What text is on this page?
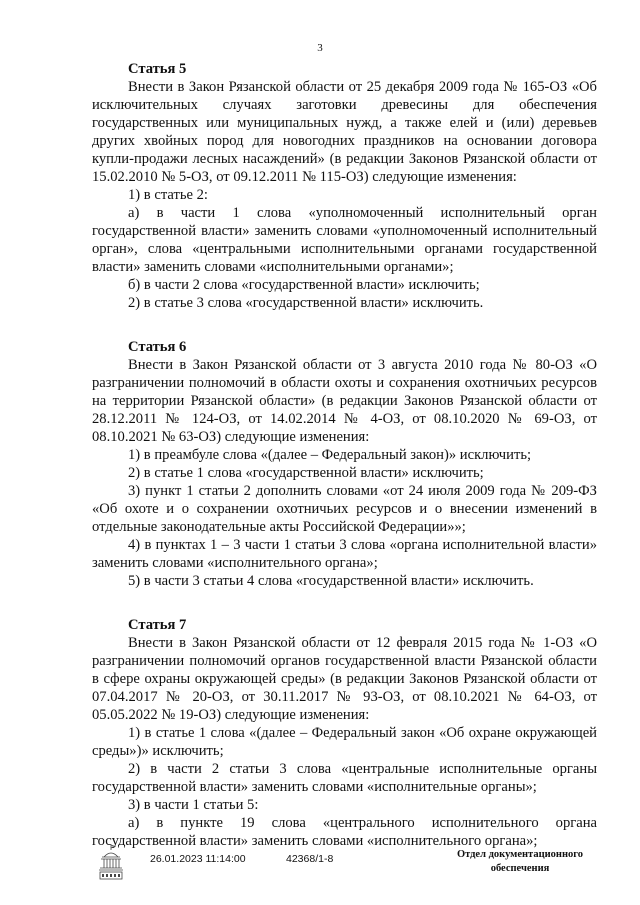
3

Статья 5

Внести в Закон Рязанской области от 25 декабря 2009 года № 165-ОЗ «Об исключительных случаях заготовки древесины для обеспечения государственных или муниципальных нужд, а также елей и (или) деревьев других хвойных пород для новогодних праздников на основании договора купли-продажи лесных насаждений» (в редакции Законов Рязанской области от 15.02.2010 № 5-ОЗ, от 09.12.2011 № 115-ОЗ) следующие изменения:

1) в статье 2:

а) в части 1 слова «уполномоченный исполнительный орган государственной власти» заменить словами «уполномоченный исполнительный орган», слова «центральными исполнительными органами государственной власти» заменить словами «исполнительными органами»;

б) в части 2 слова «государственной власти» исключить;

2) в статье 3 слова «государственной власти» исключить.

Статья 6

Внести в Закон Рязанской области от 3 августа 2010 года № 80-ОЗ «О разграничении полномочий в области охоты и сохранения охотничьих ресурсов на территории Рязанской области» (в редакции Законов Рязанской области от 28.12.2011 № 124-ОЗ, от 14.02.2014 № 4-ОЗ, от 08.10.2020 № 69-ОЗ, от 08.10.2021 № 63-ОЗ) следующие изменения:

1) в преамбуле слова «(далее – Федеральный закон)» исключить;

2) в статье 1 слова «государственной власти» исключить;

3) пункт 1 статьи 2 дополнить словами «от 24 июля 2009 года № 209-ФЗ «Об охоте и о сохранении охотничьих ресурсов и о внесении изменений в отдельные законодательные акты Российской Федерации»»;

4) в пунктах 1 – 3 части 1 статьи 3 слова «органа исполнительной власти» заменить словами «исполнительного органа»;

5) в части 3 статьи 4 слова «государственной власти» исключить.

Статья 7

Внести в Закон Рязанской области от 12 февраля 2015 года № 1-ОЗ «О разграничении полномочий органов государственной власти Рязанской области в сфере охраны окружающей среды» (в редакции Законов Рязанской области от 07.04.2017 № 20-ОЗ, от 30.11.2017 № 93-ОЗ, от 08.10.2021 № 64-ОЗ, от 05.05.2022 № 19-ОЗ) следующие изменения:

1) в статье 1 слова «(далее – Федеральный закон «Об охране окружающей среды»)» исключить;

2) в части 2 статьи 3 слова «центральные исполнительные органы государственной власти» заменить словами «исполнительные органы»;

3) в части 1 статьи 5:

а) в пункте 19 слова «центрального исполнительного органа государственной власти» заменить словами «исполнительного органа»;

26.01.2023 11:14:00	42368/1-8	Отдел документационного
обеспечения
